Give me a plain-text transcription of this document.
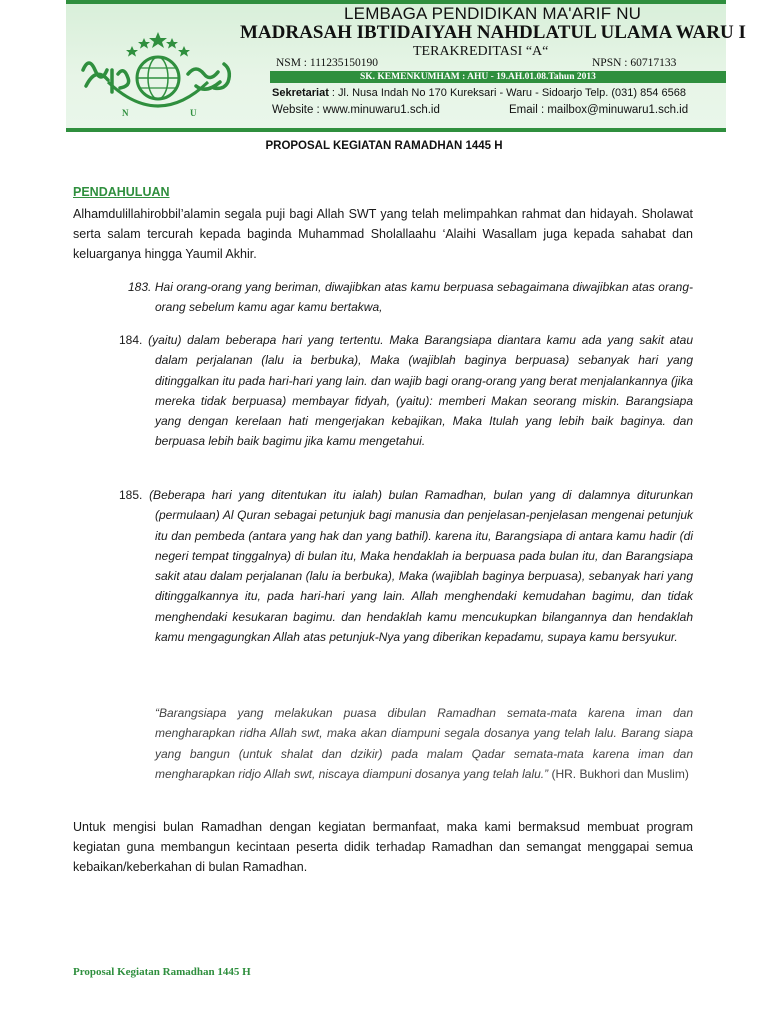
N	U
LEMBAGA PENDIDIKAN MA'ARIF NU
MADRASAH IBTIDAIYAH NAHDLATUL ULAMA WARU I
TERAKREDITASI “A“
NSM : 111235150190	NPSN : 60717133
SK. KEMENKUMHAM : AHU - 19.AH.01.08.Tahun 2013
Sekretariat : Jl. Nusa Indah No 170 Kureksari - Waru - Sidoarjo Telp. (031) 854 6568
Website : www.minuwaru1.sch.id	Email : mailbox@minuwaru1.sch.id
PROPOSAL KEGIATAN RAMADHAN 1445 H
PENDAHULUAN
Alhamdulillahirobbil’alamin segala puji bagi Allah SWT yang telah melimpahkan rahmat dan hidayah. Sholawat serta salam tercurah kepada baginda Muhammad Sholallaahu ‘Alaihi Wasallam juga kepada sahabat dan keluarganya hingga Yaumil Akhir.
183. Hai orang-orang yang beriman, diwajibkan atas kamu berpuasa sebagaimana diwajibkan atas orang-orang sebelum kamu agar kamu bertakwa,
184. (yaitu) dalam beberapa hari yang tertentu. Maka Barangsiapa diantara kamu ada yang sakit atau dalam perjalanan (lalu ia berbuka), Maka (wajiblah baginya berpuasa) sebanyak hari yang ditinggalkan itu pada hari-hari yang lain. dan wajib bagi orang-orang yang berat menjalankannya (jika mereka tidak berpuasa) membayar fidyah, (yaitu): memberi Makan seorang miskin. Barangsiapa yang dengan kerelaan hati mengerjakan kebajikan, Maka Itulah yang lebih baik baginya. dan berpuasa lebih baik bagimu jika kamu mengetahui.
185. (Beberapa hari yang ditentukan itu ialah) bulan Ramadhan, bulan yang di dalamnya diturunkan (permulaan) Al Quran sebagai petunjuk bagi manusia dan penjelasan-penjelasan mengenai petunjuk itu dan pembeda (antara yang hak dan yang bathil). karena itu, Barangsiapa di antara kamu hadir (di negeri tempat tinggalnya) di bulan itu, Maka hendaklah ia berpuasa pada bulan itu, dan Barangsiapa sakit atau dalam perjalanan (lalu ia berbuka), Maka (wajiblah baginya berpuasa), sebanyak hari yang ditinggalkannya itu, pada hari-hari yang lain. Allah menghendaki kemudahan bagimu, dan tidak menghendaki kesukaran bagimu. dan hendaklah kamu mencukupkan bilangannya dan hendaklah kamu mengagungkan Allah atas petunjuk-Nya yang diberikan kepadamu, supaya kamu bersyukur.
“Barangsiapa yang melakukan puasa dibulan Ramadhan semata-mata karena iman dan mengharapkan ridha Allah swt, maka akan diampuni segala dosanya yang telah lalu. Barang siapa yang bangun (untuk shalat dan dzikir) pada malam Qadar semata-mata karena iman dan mengharapkan ridjo Allah swt, niscaya diampuni dosanya yang telah lalu.” (HR. Bukhori dan Muslim)
Untuk mengisi bulan Ramadhan dengan kegiatan bermanfaat, maka kami bermaksud membuat program kegiatan guna membangun kecintaan peserta didik terhadap Ramadhan dan semangat menggapai semua kebaikan/keberkahan di bulan Ramadhan.
Proposal Kegiatan Ramadhan 1445 H
